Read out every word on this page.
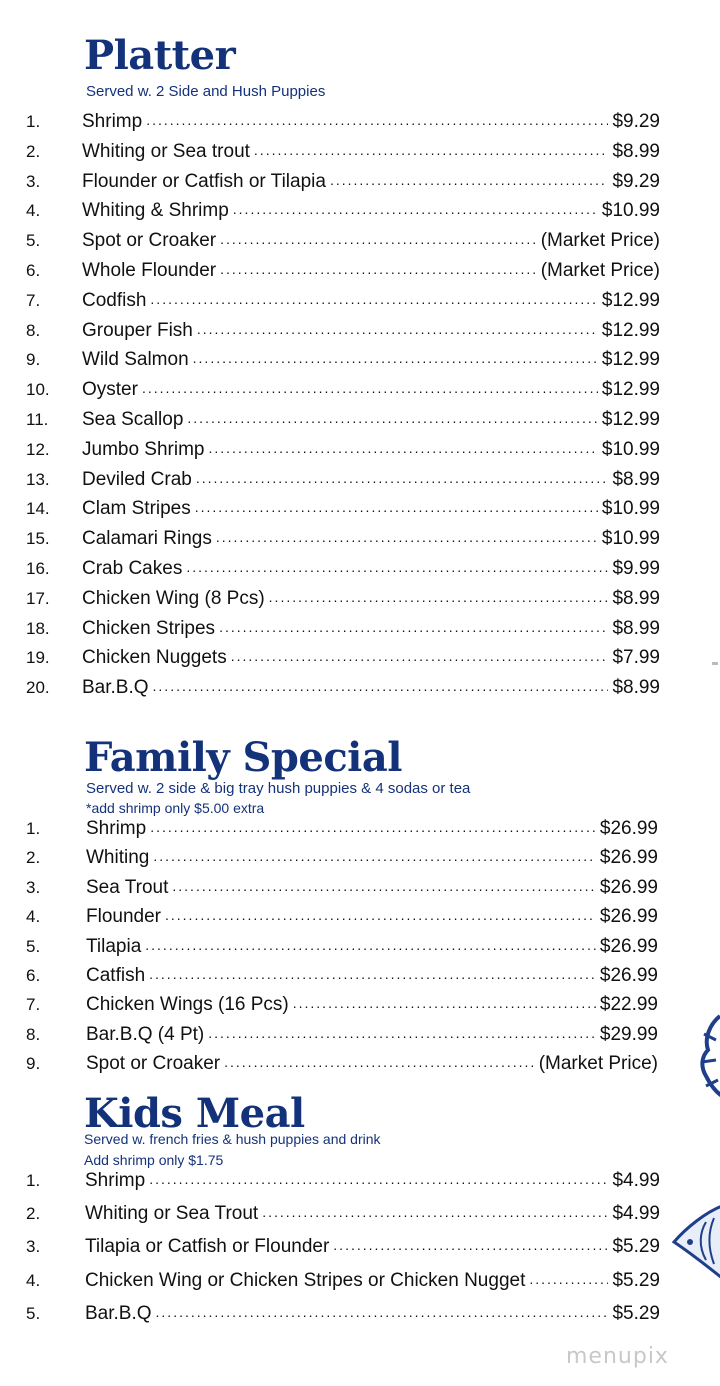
Platter

Served w. 2 Side and Hush Puppies

1.	Shrimp .....	$9.29
2.	Whiting or Sea trout .....	$8.99
3.	Flounder or Catfish or Tilapia .....	$9.29
4.	Whiting & Shrimp .....	$10.99
5.	Spot or Croaker .....	(Market Price)
6.	Whole Flounder .....	(Market Price)
7.	Codfish .....	$12.99
8.	Grouper Fish .....	$12.99
9.	Wild Salmon .....	$12.99
10.	Oyster .....	$12.99
11.	Sea Scallop .....	$12.99
12.	Jumbo Shrimp .....	$10.99
13.	Deviled Crab .....	$8.99
14.	Clam Stripes .....	$10.99
15.	Calamari Rings .....	$10.99
16.	Crab Cakes .....	$9.99
17.	Chicken Wing (8 Pcs) .....	$8.99
18.	Chicken Stripes .....	$8.99
19.	Chicken Nuggets .....	$7.99
20.	Bar.B.Q .....	$8.99
Family Special

Served w. 2 side & big tray hush puppies & 4 sodas or tea

*add shrimp only $5.00 extra

1.	Shrimp .....	$26.99
2.	Whiting .....	$26.99
3.	Sea Trout .....	$26.99
4.	Flounder .....	$26.99
5.	Tilapia .....	$26.99
6.	Catfish .....	$26.99
7.	Chicken Wings (16 Pcs) .....	$22.99
8.	Bar.B.Q (4 Pt) .....	$29.99
9.	Spot or Croaker .....	(Market Price)
Kids Meal

Served w. french fries & hush puppies and drink

Add shrimp only $1.75

1.	Shrimp .....	$4.99
2.	Whiting or Sea Trout .....	$4.99
3.	Tilapia or Catfish or Flounder .....	$5.29
4.	Chicken Wing or Chicken Stripes or Chicken Nugget .....	$5.29
5.	Bar.B.Q .....	$5.29
menupix
